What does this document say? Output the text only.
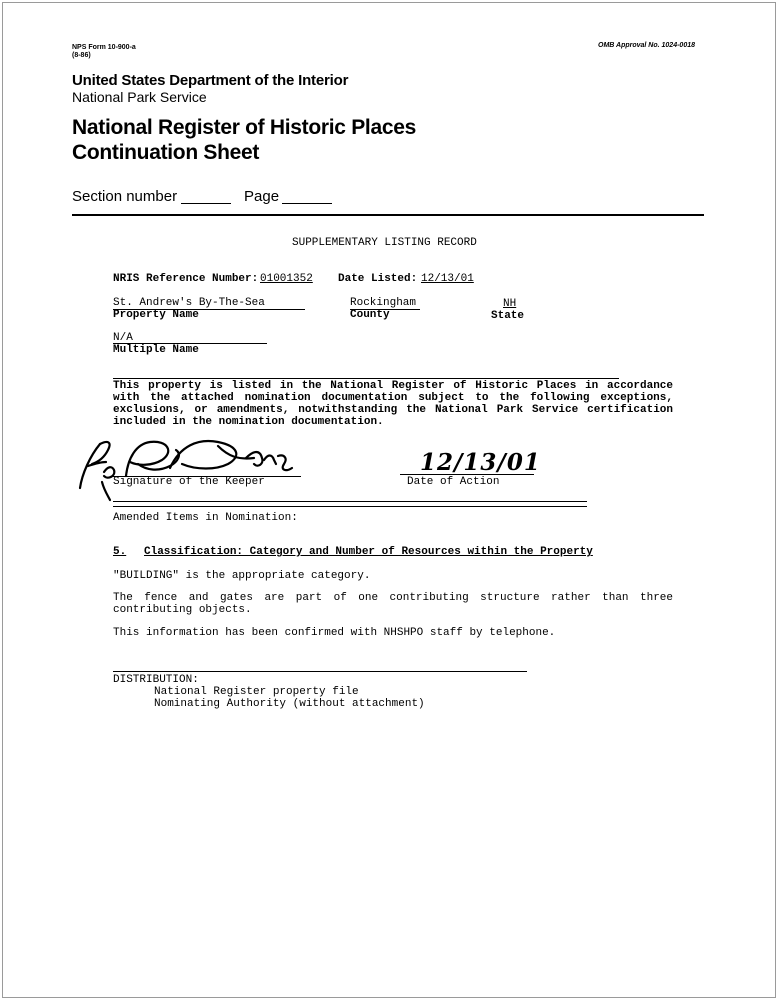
NPS Form 10-900-a
(8-86)
OMB Approval No. 1024-0018
United States Department of the Interior
National Park Service
National Register of Historic Places
Continuation Sheet
Section number	Page
SUPPLEMENTARY LISTING RECORD
NRIS Reference Number: 01001352 Date Listed: 12/13/01
St. Andrew's By-The-Sea
Property Name
Rockingham
County
NH
State
N/A
Multiple Name
This property is listed in the National Register of Historic Places in accordance with the attached nomination documentation subject to the following exceptions, exclusions, or amendments, notwithstanding the National Park Service certification included in the nomination documentation.
Signature of the Keeper
12/13/01
Date of Action
Amended Items in Nomination:
5. Classification: Category and Number of Resources within the Property
"BUILDING" is the appropriate category.
The fence and gates are part of one contributing structure rather than three contributing objects.
This information has been confirmed with NHSHPO staff by telephone.
DISTRIBUTION:
National Register property file
Nominating Authority (without attachment)
